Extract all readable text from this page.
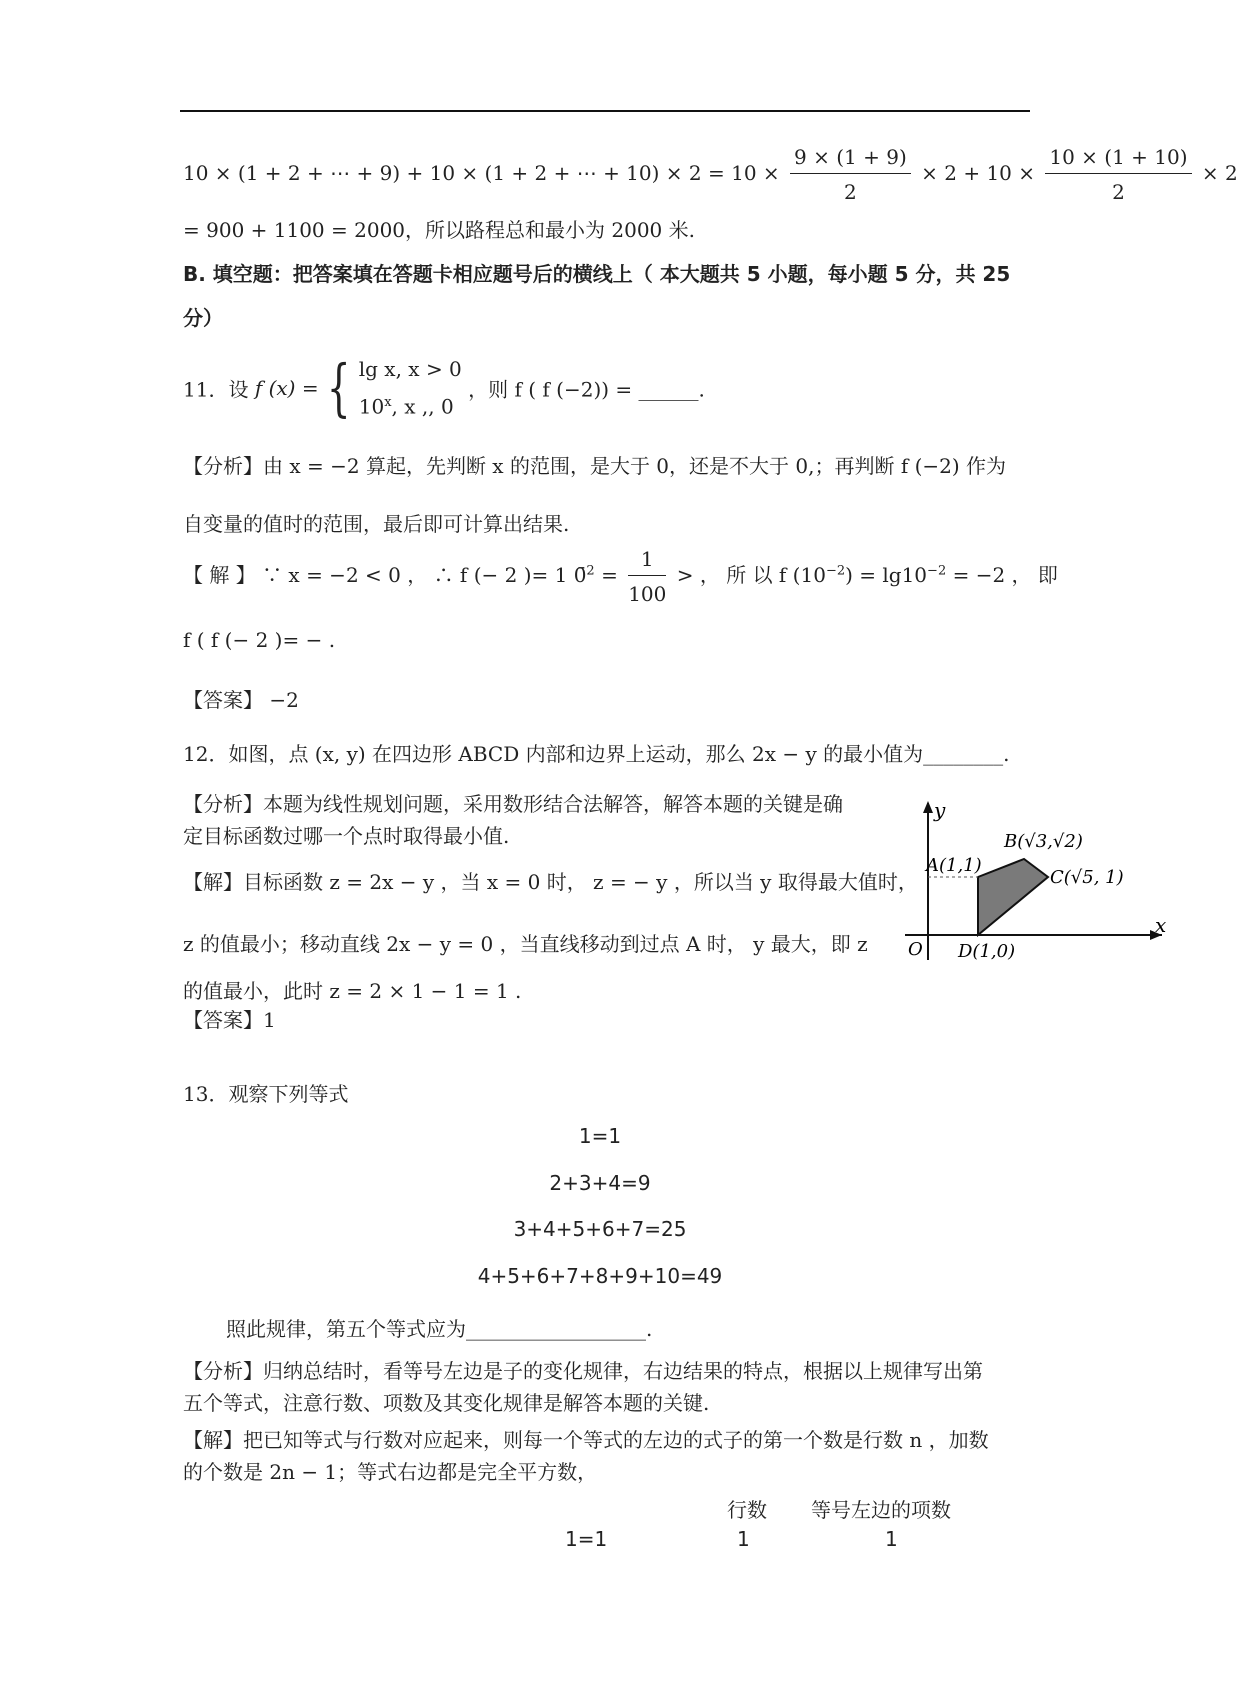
10 × (1 + 2 + ⋯ + 9) + 10 × (1 + 2 + ⋯ + $10) \times 2 = 10 \times \frac{9 \times (1 + 9)}{2} \times 2 + 10 \times \frac{10 \times (1 + 10)}{2} \times 2$
= 900 + 1100 = 2000，所以路程总和最小为 2000 米.
B. 填空题：把答案填在答题卡相应题号后的横线上（ 本大题共 5 小题，每小题 5 分，共 25
分）
11．设 f (x) = { lg x, x > 0
10$^x$, x ,, 0
，则 f ( f (−2)) = ______.
【分析】由 x = −2 算起，先判断 x 的范围，是大于 0，还是不大于 0,；再判断 f (−2) 作为
自变量的值时的范围，最后即可计算出结果.
【 解 】 ∵ x = −2 < 0 ， ∴ f (− 2 )= 1 0̄$^2$ = $\frac{1}{100}$ > ， 所 以 f $(10^{-2}) = \lg 10^{-2} = -2$ ， 即
f ( f (− 2 )= − .
【答案】 −2
12．如图，点 (x, y) 在四边形 ABCD 内部和边界上运动，那么 2x − y 的最小值为________.
【分析】本题为线性规划问题，采用数形结合法解答，解答本题的关键是确
定目标函数过哪一个点时取得最小值.
【解】目标函数 z = 2x − y ，当 x = 0 时， z = − y ，所以当 y 取得最大值时，
z 的值最小；移动直线 2x − y = 0 ，当直线移动到过点 A 时， y 最大，即 z
的值最小，此时 z = 2 × 1 − 1 = 1 .
【答案】1
y
x
O
A(1,1)
B(√3,√2)
C(√5, 1)
D(1,0)
13．观察下列等式
1=1
2+3+4=9
3+4+5+6+7=25
4+5+6+7+8+9+10=49
照此规律，第五个等式应为__________________.
【分析】归纳总结时，看等号左边是子的变化规律，右边结果的特点，根据以上规律写出第
五个等式，注意行数、项数及其变化规律是解答本题的关键.
【解】把已知等式与行数对应起来，则每一个等式的左边的式子的第一个数是行数 n ，加数
的个数是 2n − 1；等式右边都是完全平方数，
行数 等号左边的项数
1=1	1	1
